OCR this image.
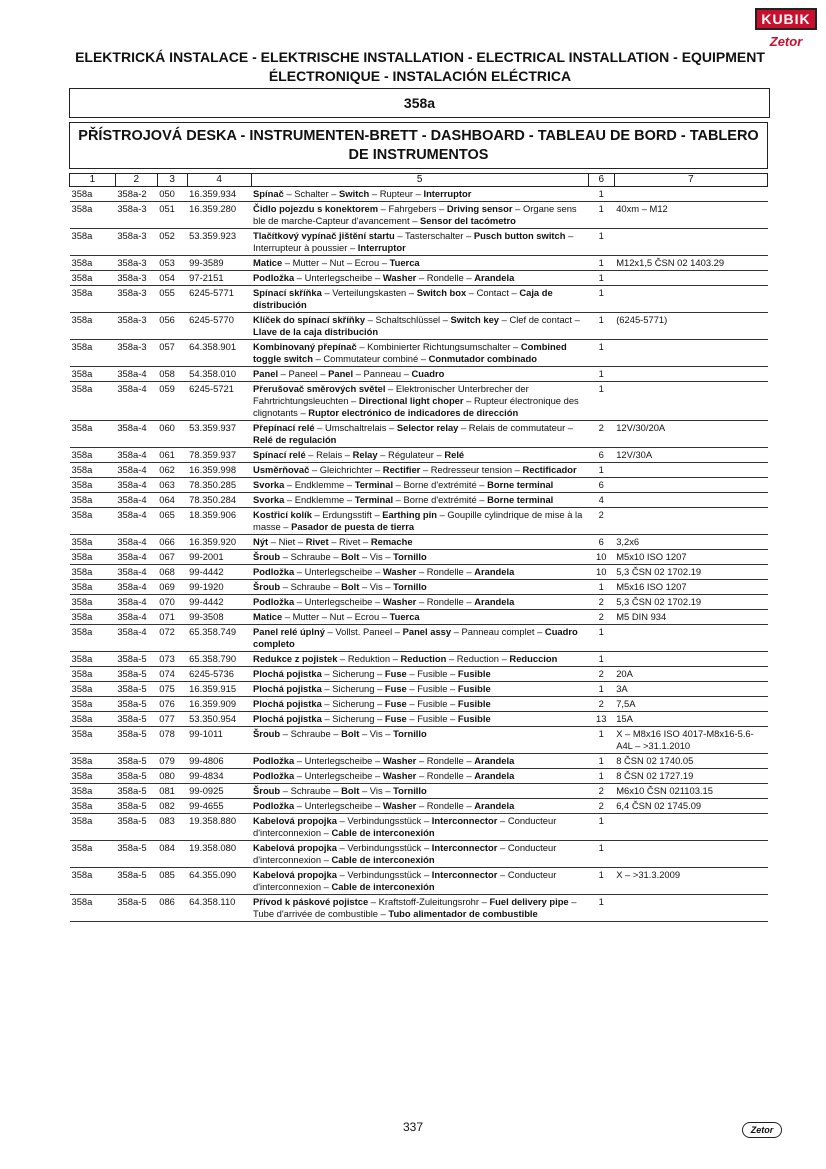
KUBIK
Zetor
ELEKTRICKÁ INSTALACE - ELEKTRISCHE INSTALLATION - ELECTRICAL INSTALLATION - EQUIPMENT
ÉLECTRONIQUE - INSTALACIÓN ELÉCTRICA
358a
PŘÍSTROJOVÁ DESKA - INSTRUMENTEN-BRETT - DASHBOARD - TABLEAU DE BORD - TABLERO DE INSTRUMENTOS
1	2	3	4	5	6	7
358a	358a-2	050	16.359.934	Spínač – Schalter – Switch – Rupteur – Interruptor	1	
358a	358a-3	051	16.359.280	Čidlo pojezdu s konektorem – Fahrgebers – Driving sensor – Organe sens ble de marche-Capteur d'avancement – Sensor del tacómetro	1	40xm – M12
358a	358a-3	052	53.359.923	Tlačítkový vypínač jištění startu – Tasterschalter – Pusch button switch – Interrupteur à poussier – Interruptor	1	
358a	358a-3	053	99-3589	Matice – Mutter – Nut – Ecrou – Tuerca	1	M12x1,5 ČSN 02 1403.29
358a	358a-3	054	97-2151	Podložka – Unterlegscheibe – Washer – Rondelle – Arandela	1	
358a	358a-3	055	6245-5771	Spínací skříňka – Verteilungskasten – Switch box – Contact – Caja de distribución	1	
358a	358a-3	056	6245-5770	Klíček do spínací skříňky – Schaltschlüssel – Switch key – Clef de contact – Llave de la caja distribución	1	(6245-5771)
358a	358a-3	057	64.358.901	Kombinovaný přepínač – Kombinierter Richtungsumschalter – Combined toggle switch – Commutateur combiné – Conmutador combinado	1	
358a	358a-4	058	54.358.010	Panel – Paneel – Panel – Panneau – Cuadro	1	
358a	358a-4	059	6245-5721	Přerušovač směrových světel – Elektronischer Unterbrecher der Fahrtrichtungsleuchten – Directional light choper – Rupteur électronique des clignotants – Ruptor electrónico de indicadores de dirección	1	
358a	358a-4	060	53.359.937	Přepínací relé – Umschaltrelais – Selector relay – Relais de commutateur – Relé de regulación	2	12V/30/20A
358a	358a-4	061	78.359.937	Spínací relé – Relais – Relay – Régulateur – Relé	6	12V/30A
358a	358a-4	062	16.359.998	Usměrňovač – Gleichrichter – Rectifier – Redresseur tension – Rectificador	1	
358a	358a-4	063	78.350.285	Svorka – Endklemme – Terminal – Borne d'extrémité – Borne terminal	6	
358a	358a-4	064	78.350.284	Svorka – Endklemme – Terminal – Borne d'extrémité – Borne terminal	4	
358a	358a-4	065	18.359.906	Kostřicí kolík – Erdungsstift – Earthing pin – Goupille cylindrique de mise à la masse – Pasador de puesta de tierra	2	
358a	358a-4	066	16.359.920	Nýt – Niet – Rivet – Rivet – Remache	6	3,2x6
358a	358a-4	067	99-2001	Šroub – Schraube – Bolt – Vis – Tornillo	10	M5x10 ISO 1207
358a	358a-4	068	99-4442	Podložka – Unterlegscheibe – Washer – Rondelle – Arandela	10	5,3 ČSN 02 1702.19
358a	358a-4	069	99-1920	Šroub – Schraube – Bolt – Vis – Tornillo	1	M5x16 ISO 1207
358a	358a-4	070	99-4442	Podložka – Unterlegscheibe – Washer – Rondelle – Arandela	2	5,3 ČSN 02 1702.19
358a	358a-4	071	99-3508	Matice – Mutter – Nut – Ecrou – Tuerca	2	M5 DIN 934
358a	358a-4	072	65.358.749	Panel relé úplný – Vollst. Paneel – Panel assy – Panneau complet – Cuadro completo	1	
358a	358a-5	073	65.358.790	Redukce z pojistek – Reduktion – Reduction – Reduction – Reduccion	1	
358a	358a-5	074	6245-5736	Plochá pojistka – Sicherung – Fuse – Fusible – Fusible	2	20A
358a	358a-5	075	16.359.915	Plochá pojistka – Sicherung – Fuse – Fusible – Fusible	1	3A
358a	358a-5	076	16.359.909	Plochá pojistka – Sicherung – Fuse – Fusible – Fusible	2	7,5A
358a	358a-5	077	53.350.954	Plochá pojistka – Sicherung – Fuse – Fusible – Fusible	13	15A
358a	358a-5	078	99-1011	Šroub – Schraube – Bolt – Vis – Tornillo	1	X – M8x16 ISO 4017-M8x16-5.6-A4L – >31.1.2010
358a	358a-5	079	99-4806	Podložka – Unterlegscheibe – Washer – Rondelle – Arandela	1	8 ČSN 02 1740.05
358a	358a-5	080	99-4834	Podložka – Unterlegscheibe – Washer – Rondelle – Arandela	1	8 ČSN 02 1727.19
358a	358a-5	081	99-0925	Šroub – Schraube – Bolt – Vis – Tornillo	2	M6x10 ČSN 021103.15
358a	358a-5	082	99-4655	Podložka – Unterlegscheibe – Washer – Rondelle – Arandela	2	6,4 ČSN 02 1745.09
358a	358a-5	083	19.358.880	Kabelová propojka – Verbindungsstück – Interconnector – Conducteur d'interconnexion – Cable de interconexión	1	
358a	358a-5	084	19.358.080	Kabelová propojka – Verbindungsstück – Interconnector – Conducteur d'interconnexion – Cable de interconexión	1	
358a	358a-5	085	64.355.090	Kabelová propojka – Verbindungsstück – Interconnector – Conducteur d'interconnexion – Cable de interconexión	1	X – >31.3.2009
358a	358a-5	086	64.358.110	Přívod k páskové pojistce – Kraftstoff-Zuleitungsrohr – Fuel delivery pipe – Tube d'arrivée de combustible – Tubo alimentador de combustible	1	
337	Zetor
